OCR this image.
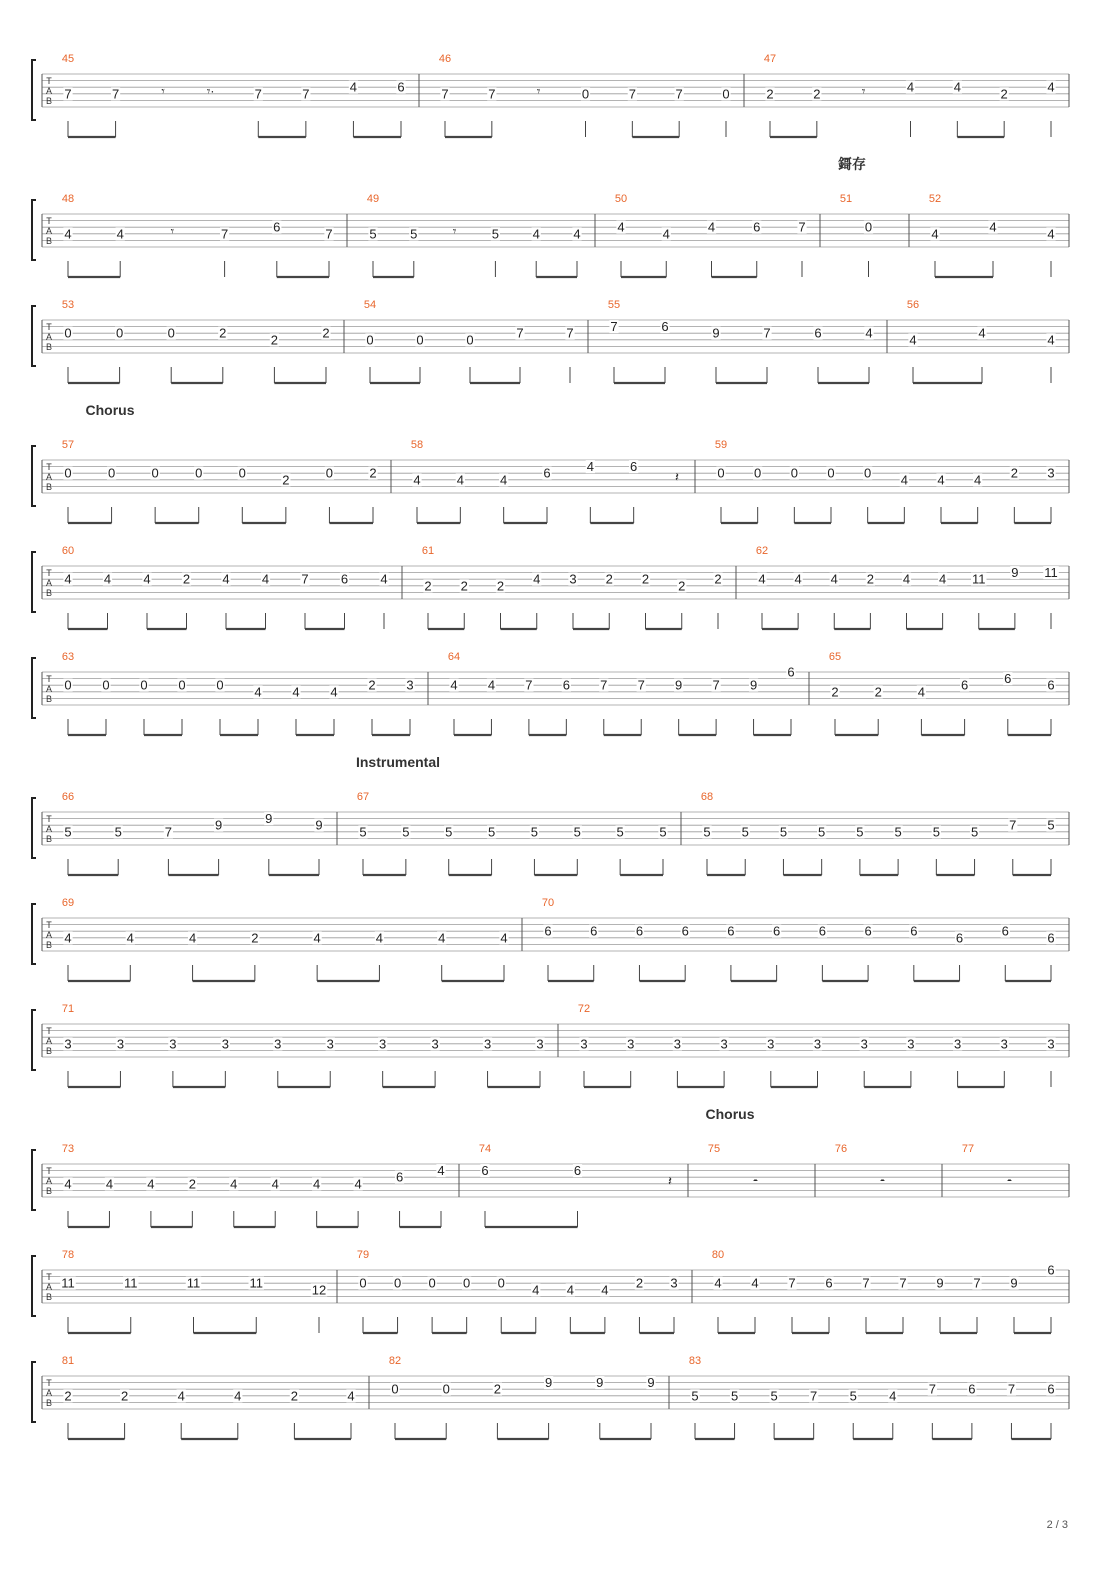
T
A
B
45
7	7	𝄾	𝄾·	7	7	4	6
46
7	7	𝄾	0	7	7	0
47
2	2	𝄾	4	4	2	4
鎶存
T
A
B
48
4	4	𝄾	7	6	7
49
5	5	𝄾	5	4	4
50
4	4	4	6	7
51
0
52
4	4	4
T
A
B
53
0	0	0	2	2	2
54
0	0	0	7	7
55
7	6	9	7	6	4
56
4	4	4
Chorus
T
A
B
57
0	0	0	0	0	2	0	2
58
4	4	4	6	4	6
𝄽
59
0 0 0 0 0 4 4 4 2 3
T
A
B
60
4 4 4 2 4 4 7 6 4
61
2 2 2 4 3 2 2 2 2
62
4 4 4 2 4 4 11 9 11
T
A
B
63
0 0 0 0 0 4 4 4 2 3
64
4 4 7 6 7 7 9 7 9
6
65
2	2	4	6	6	6
Instrumental
T
A
B
66
5	5	7	9	9	9
67
5	5	5	5	5	5	5	5
68
5 5 5 5 5 5 5 5 7 5
T
A
B
69
4	4	4	2	4	4	4	4
70
6	6	6	6	6	6	6	6	6	6	6	6
T
A
B
71
3	3	3	3	3	3	3	3	3	3
72
3	3	3	3	3	3	3	3	3	3	3
Chorus
T
A
B
73
4	4	4	2	4	4	4	4	6	4
74
6	6
𝄽
75
𝄼
76
𝄼
77
𝄼
T
A
B
78
11	11	11	11	12
79
0 0 0 0 0 4 4 4 2 3
80
4 4 7 6 7 7 9 7 9
6
T
A
B
81
2	2	4	4	2	4
82
0	0	2	9	9	9
83
5 5 5 7 5 4 7 6 7 6
2 / 3
